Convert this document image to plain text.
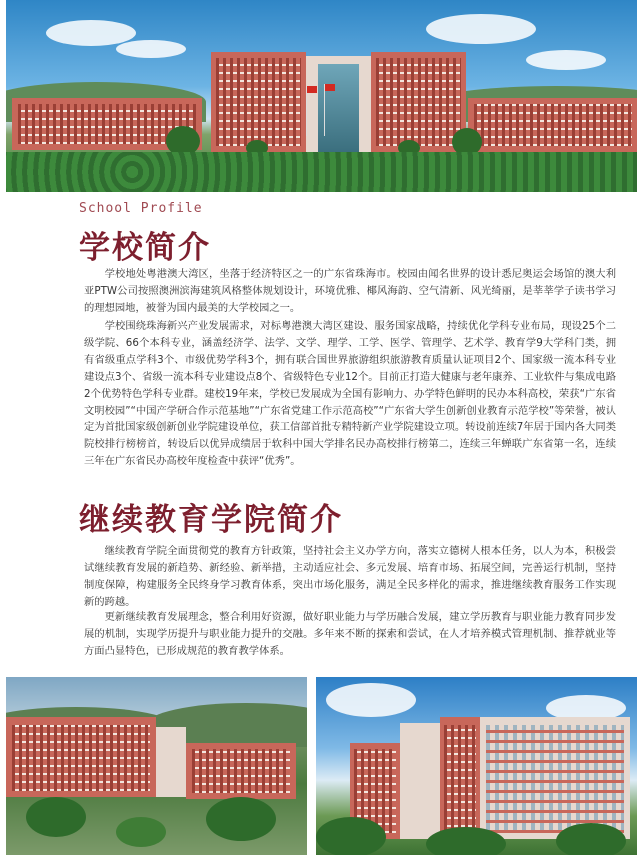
School Profile
学校简介

学校地处粤港澳大湾区，坐落于经济特区之一的广东省珠海市。校园由闻名世界的设计悉尼奥运会场馆的澳大利亚PTW公司按照澳洲滨海建筑风格整体规划设计，环境优雅、椰风海韵、空气清新、风光绮丽，是莘莘学子读书学习的理想园地，被誉为国内最美的大学校园之一。

学校围绕珠海新兴产业发展需求，对标粤港澳大湾区建设、服务国家战略，持续优化学科专业布局，现设25个二级学院、66个本科专业，涵盖经济学、法学、文学、理学、工学、医学、管理学、艺术学、教育学9大学科门类，拥有省级重点学科3个、市级优势学科3个，拥有联合国世界旅游组织旅游教育质量认证项目2个、国家级一流本科专业建设点3个、省级一流本科专业建设点8个、省级特色专业12个。目前正打造大健康与老年康养、工业软件与集成电路2个优势特色学科专业群。建校19年来，学校已发展成为全国有影响力、办学特色鲜明的民办本科高校，荣获“广东省文明校园”“中国产学研合作示范基地”“广东省党建工作示范高校”“广东省大学生创新创业教育示范学校”等荣誉，被认定为首批国家级创新创业学院建设单位，获工信部首批专精特新产业学院建设立项。转设前连续7年居于国内各大同类院校排行榜榜首，转设后以优异成绩居于软科中国大学排名民办高校排行榜第二，连续三年蝉联广东省第一名，连续三年在广东省民办高校年度检查中获评“优秀”。

继续教育学院简介

继续教育学院全面贯彻党的教育方针政策，坚持社会主义办学方向，落实立德树人根本任务，以人为本，积极尝试继续教育发展的新趋势、新经验、新举措，主动适应社会、多元发展、培育市场、拓展空间，完善运行机制，坚持制度保障，构建服务全民终身学习教育体系，突出市场化服务，满足全民多样化的需求，推进继续教育服务工作实现新的跨越。

更新继续教育发展理念，整合利用好资源，做好职业能力与学历融合发展，建立学历教育与职业能力教育同步发展的机制，实现学历提升与职业能力提升的交融。多年来不断的探索和尝试，在人才培养模式管理机制、推荐就业等方面凸显特色，已形成规范的教育教学体系。
